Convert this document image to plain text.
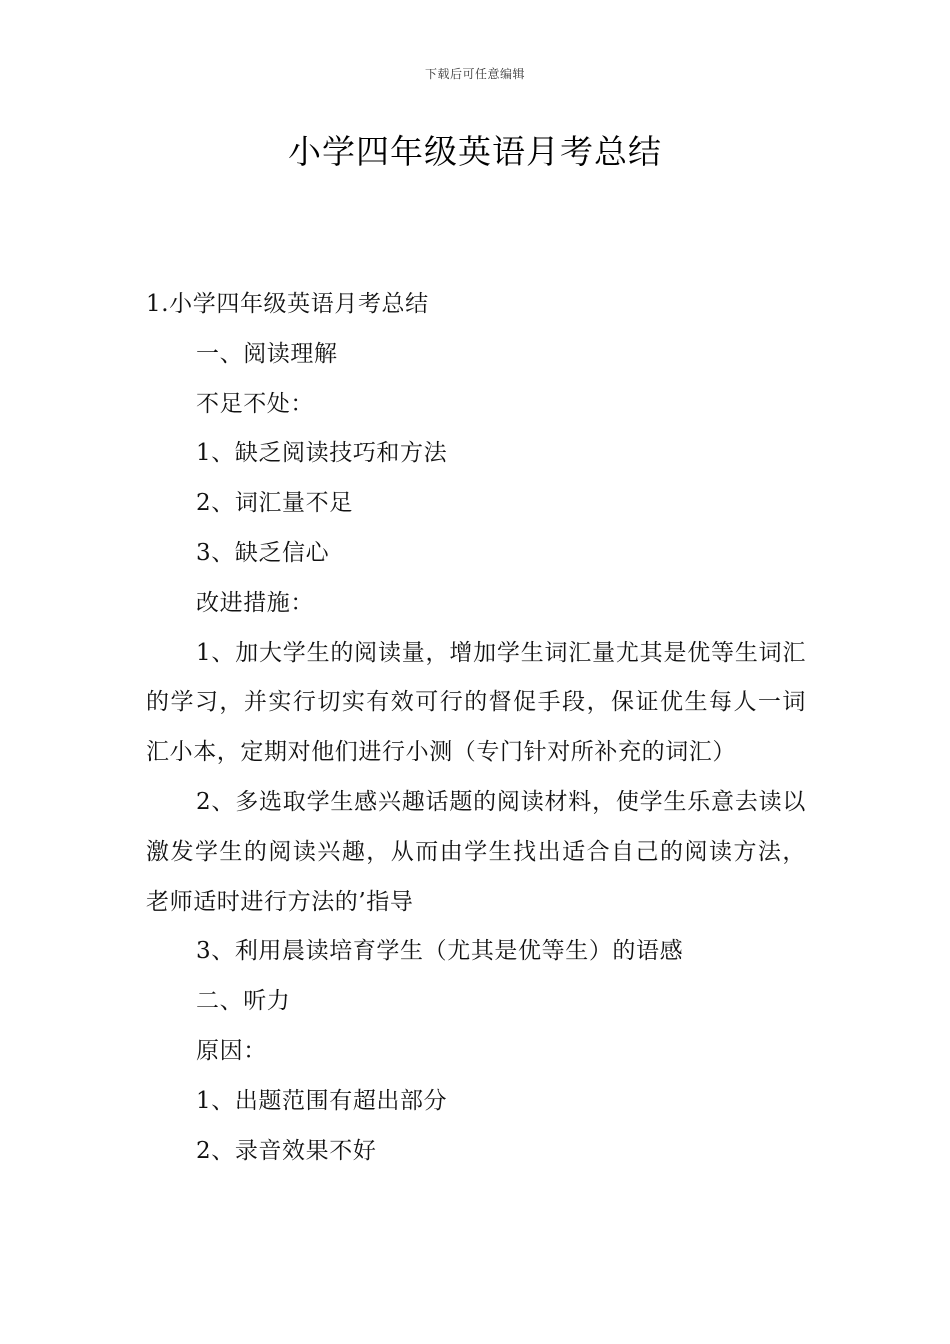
下载后可任意编辑
小学四年级英语月考总结

1.小学四年级英语月考总结

一、阅读理解

不足不处：

1、缺乏阅读技巧和方法

2、词汇量不足

3、缺乏信心

改进措施：

1、加大学生的阅读量，增加学生词汇量尤其是优等生词汇的学习，并实行切实有效可行的督促手段，保证优生每人一词汇小本，定期对他们进行小测（专门针对所补充的词汇）

2、多选取学生感兴趣话题的阅读材料，使学生乐意去读以激发学生的阅读兴趣，从而由学生找出适合自己的阅读方法，老师适时进行方法的’指导

3、利用晨读培育学生（尤其是优等生）的语感

二、听力

原因：

1、出题范围有超出部分

2、录音效果不好
